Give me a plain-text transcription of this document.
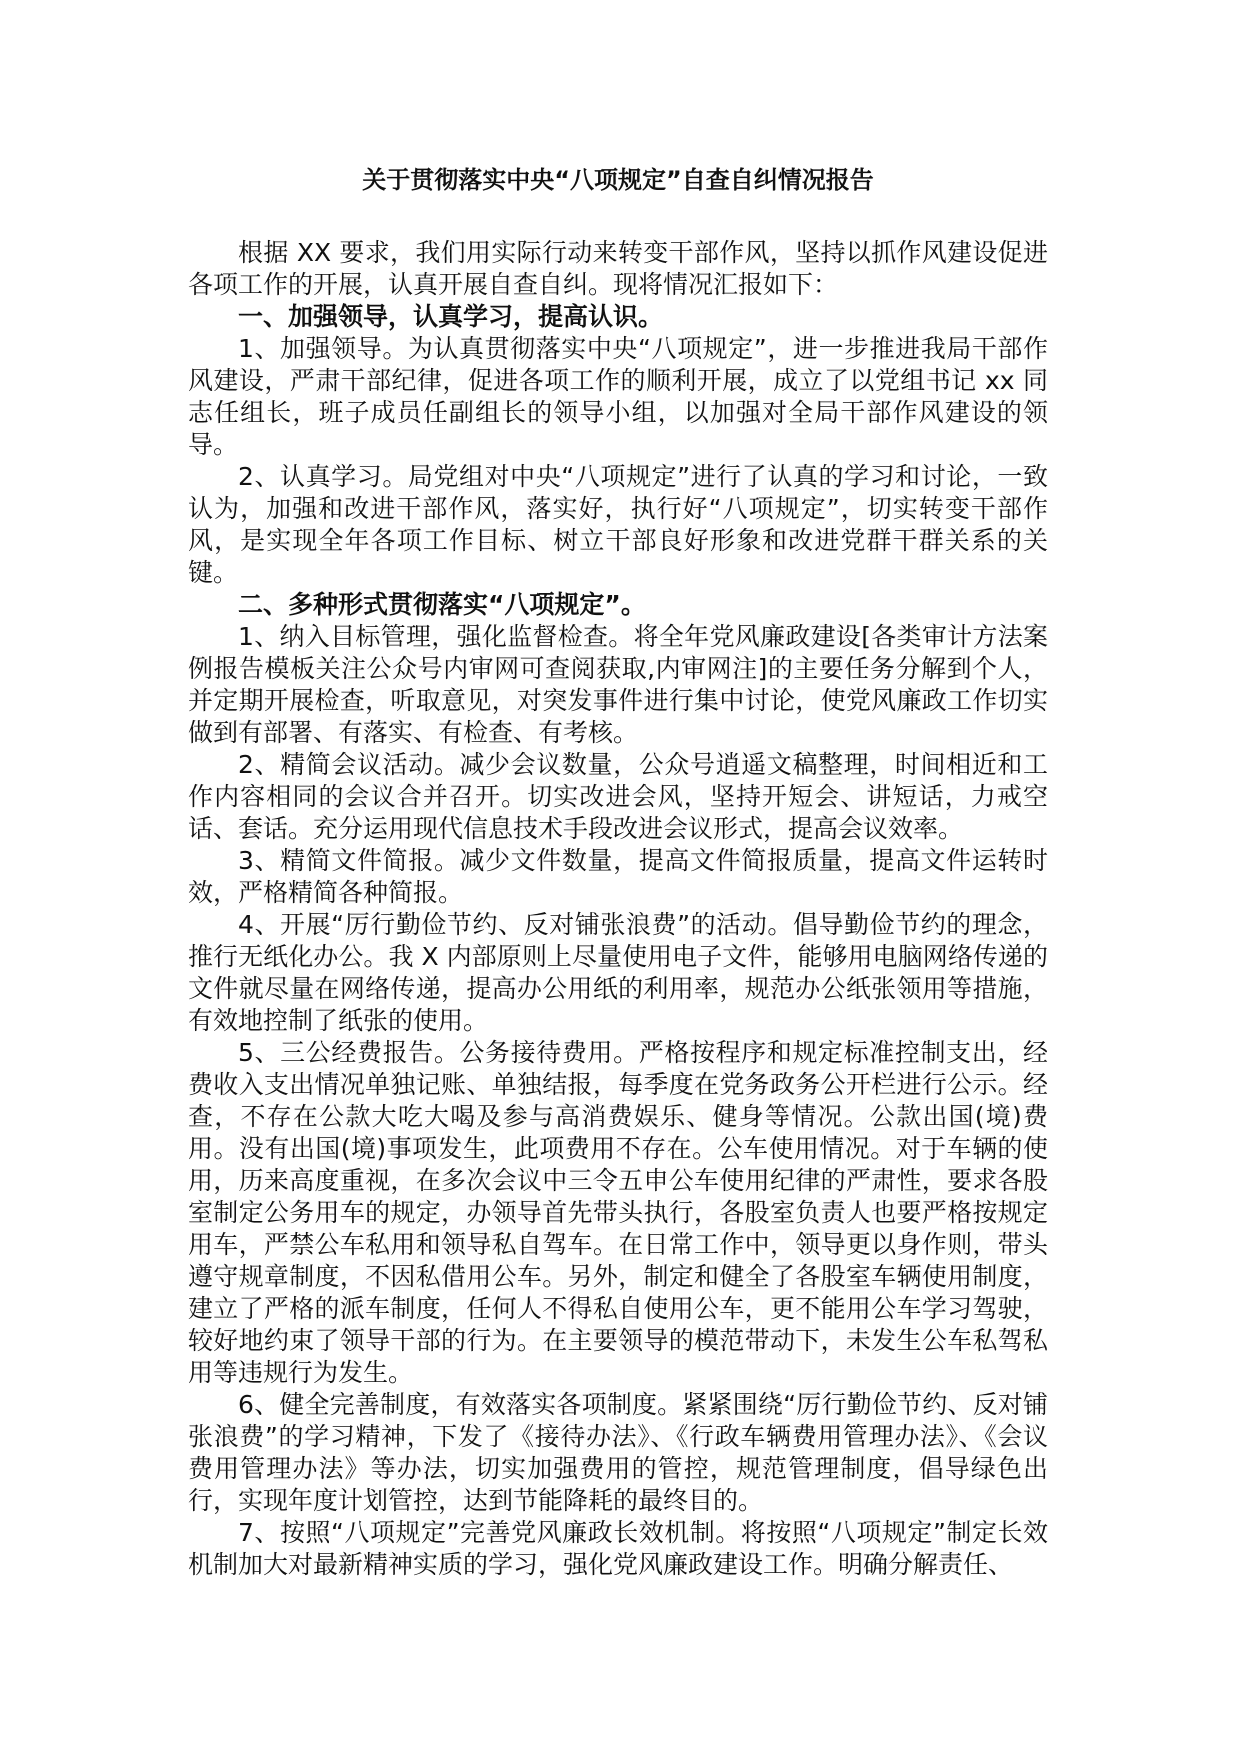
关于贯彻落实中央“八项规定”自查自纠情况报告

根据 XX 要求，我们用实际行动来转变干部作风，坚持以抓作风建设促进各项工作的开展，认真开展自查自纠。现将情况汇报如下：

一、加强领导，认真学习，提高认识。

1、加强领导。为认真贯彻落实中央“八项规定”，进一步推进我局干部作风建设，严肃干部纪律，促进各项工作的顺利开展，成立了以党组书记 xx 同志任组长，班子成员任副组长的领导小组，以加强对全局干部作风建设的领导。

2、认真学习。局党组对中央“八项规定”进行了认真的学习和讨论，一致认为，加强和改进干部作风，落实好，执行好“八项规定”，切实转变干部作风，是实现全年各项工作目标、树立干部良好形象和改进党群干群关系的关键。

二、多种形式贯彻落实“八项规定”。

1、纳入目标管理，强化监督检查。将全年党风廉政建设[各类审计方法案例报告模板关注公众号内审网可查阅获取,内审网注]的主要任务分解到个人，并定期开展检查，听取意见，对突发事件进行集中讨论，使党风廉政工作切实做到有部署、有落实、有检查、有考核。

2、精简会议活动。减少会议数量，公众号逍遥文稿整理，时间相近和工作内容相同的会议合并召开。切实改进会风，坚持开短会、讲短话，力戒空话、套话。充分运用现代信息技术手段改进会议形式，提高会议效率。

3、精简文件简报。减少文件数量，提高文件简报质量，提高文件运转时效，严格精简各种简报。

4、开展“厉行勤俭节约、反对铺张浪费”的活动。倡导勤俭节约的理念，推行无纸化办公。我 X 内部原则上尽量使用电子文件，能够用电脑网络传递的文件就尽量在网络传递，提高办公用纸的利用率，规范办公纸张领用等措施，有效地控制了纸张的使用。

5、三公经费报告。公务接待费用。严格按程序和规定标准控制支出，经费收入支出情况单独记账、单独结报，每季度在党务政务公开栏进行公示。经查，不存在公款大吃大喝及参与高消费娱乐、健身等情况。公款出国(境)费用。没有出国(境)事项发生，此项费用不存在。公车使用情况。对于车辆的使用，历来高度重视，在多次会议中三令五申公车使用纪律的严肃性，要求各股室制定公务用车的规定，办领导首先带头执行，各股室负责人也要严格按规定用车，严禁公车私用和领导私自驾车。在日常工作中，领导更以身作则，带头遵守规章制度，不因私借用公车。另外，制定和健全了各股室车辆使用制度，建立了严格的派车制度，任何人不得私自使用公车，更不能用公车学习驾驶，较好地约束了领导干部的行为。在主要领导的模范带动下，未发生公车私驾私用等违规行为发生。

6、健全完善制度，有效落实各项制度。紧紧围绕“厉行勤俭节约、反对铺张浪费”的学习精神，下发了《接待办法》、《行政车辆费用管理办法》、《会议费用管理办法》等办法，切实加强费用的管控，规范管理制度，倡导绿色出行，实现年度计划管控，达到节能降耗的最终目的。

7、按照“八项规定”完善党风廉政长效机制。将按照“八项规定”制定长效机制加大对最新精神实质的学习，强化党风廉政建设工作。明确分解责任、
